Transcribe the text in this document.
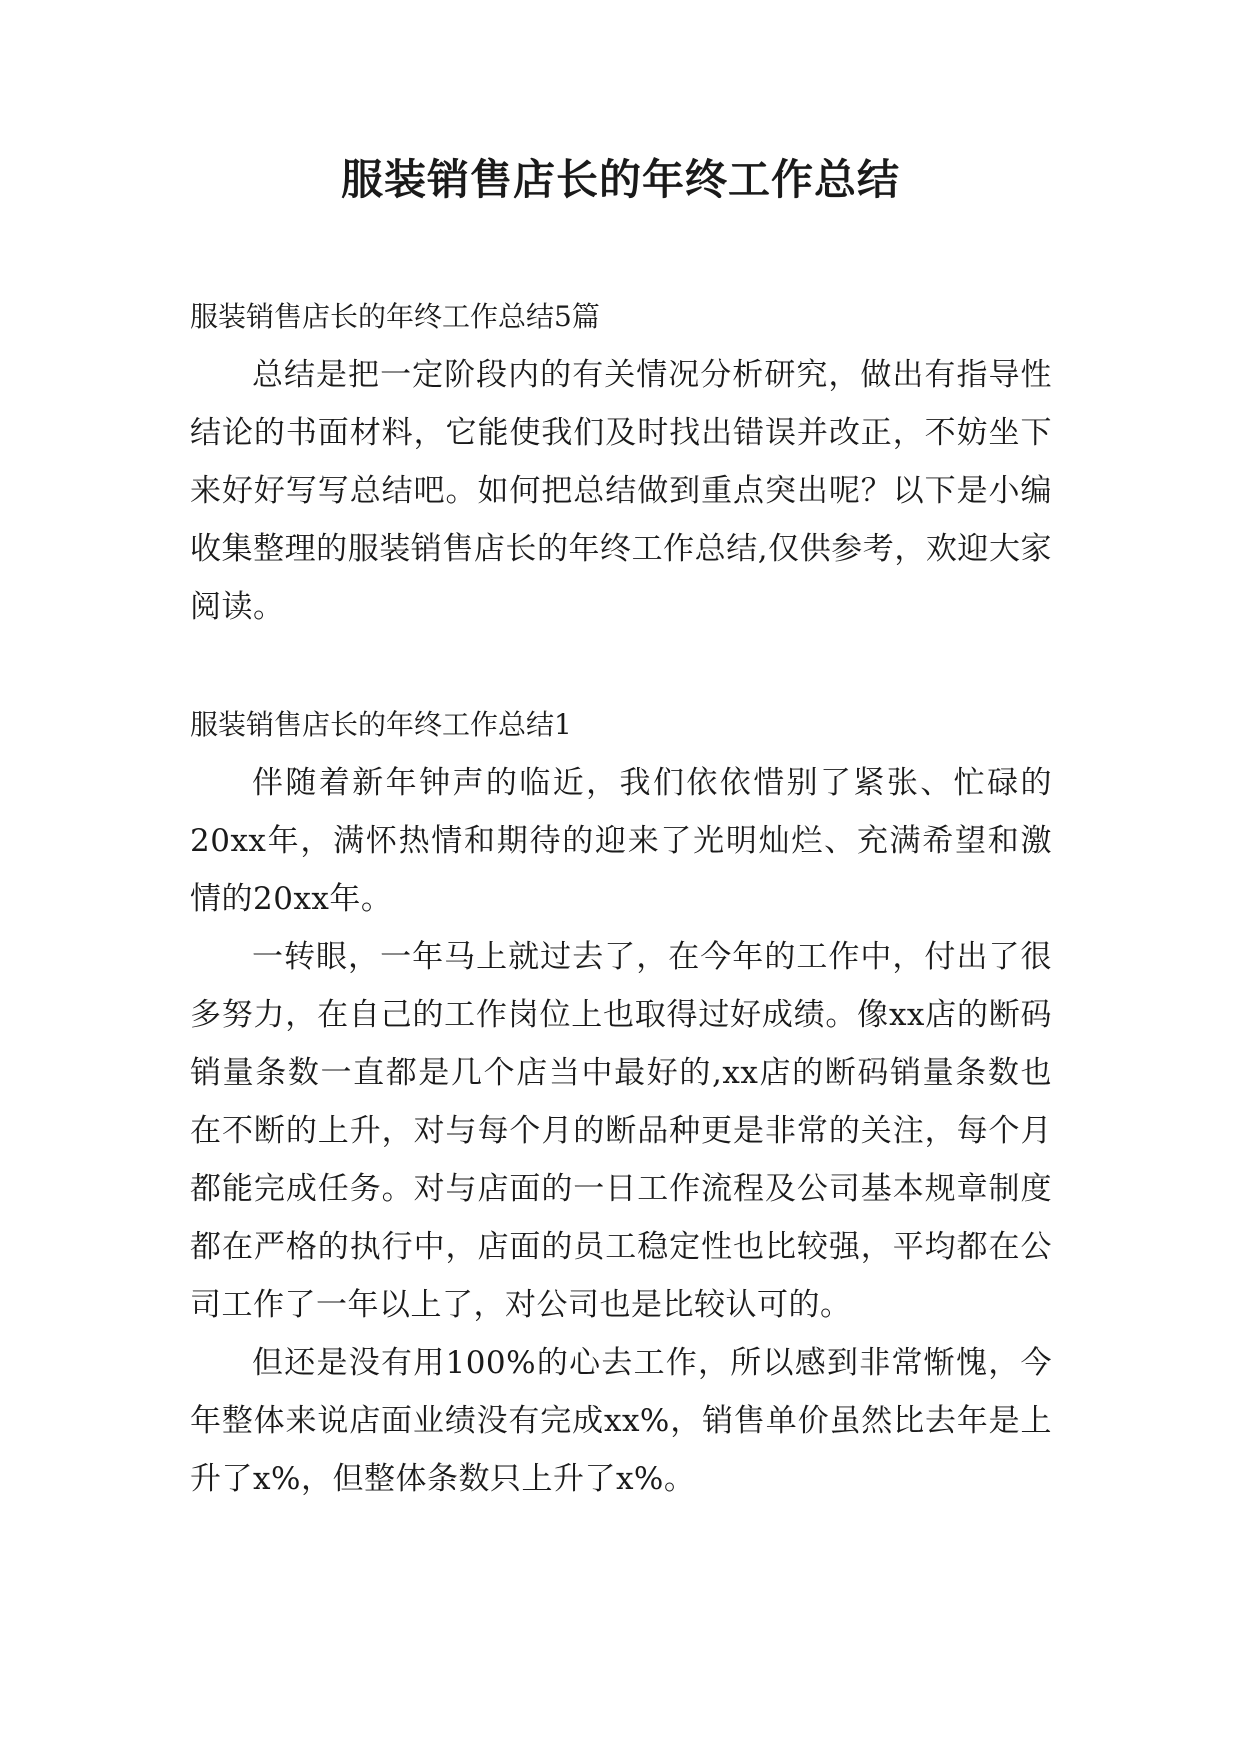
服装销售店长的年终工作总结

服装销售店长的年终工作总结5篇

总结是把一定阶段内的有关情况分析研究，做出有指导性结论的书面材料，它能使我们及时找出错误并改正，不妨坐下来好好写写总结吧。如何把总结做到重点突出呢？以下是小编收集整理的服装销售店长的年终工作总结,仅供参考，欢迎大家阅读。

服装销售店长的年终工作总结1

伴随着新年钟声的临近，我们依依惜别了紧张、忙碌的20xx年，满怀热情和期待的迎来了光明灿烂、充满希望和激情的20xx年。

一转眼，一年马上就过去了，在今年的工作中，付出了很多努力，在自己的工作岗位上也取得过好成绩。像xx店的断码销量条数一直都是几个店当中最好的,xx店的断码销量条数也在不断的上升，对与每个月的断品种更是非常的关注，每个月都能完成任务。对与店面的一日工作流程及公司基本规章制度都在严格的执行中，店面的员工稳定性也比较强，平均都在公司工作了一年以上了，对公司也是比较认可的。

但还是没有用100%的心去工作，所以感到非常惭愧，今年整体来说店面业绩没有完成xx%，销售单价虽然比去年是上升了x%，但整体条数只上升了x%。
